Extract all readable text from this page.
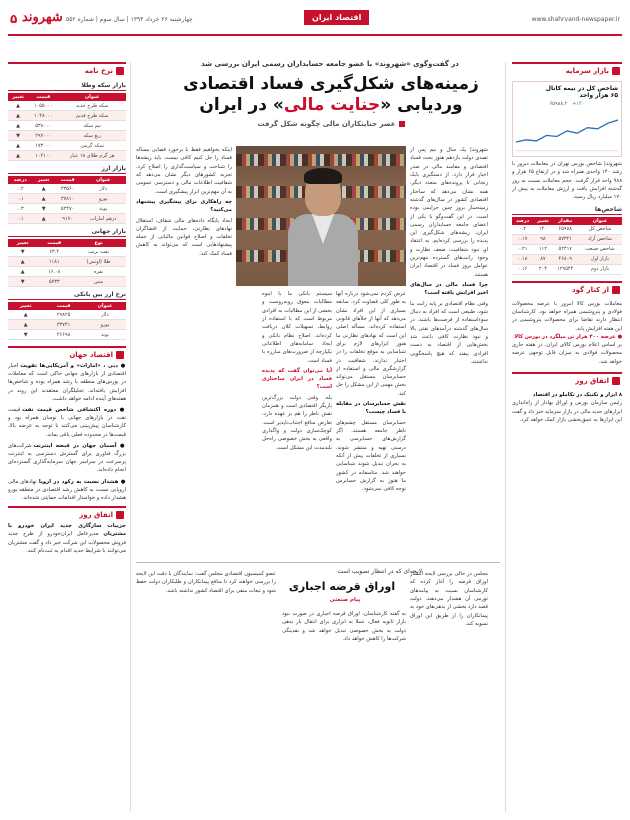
۵ شهروند چهارشنبه ۲۶ خرداد ۱۳۹۴ | سال سوم | شماره ۵۵۲	اقتصاد ایران	www.shahrvand-newspaper.ir
نرخ نامه
بازار سکه وطلا
عنوان	قیمت	تغییر
سکه طرح جدید	۱۰۵۵۰۰۰	▲
سکه طرح قدیم	۱۰۴۸۰۰۰	▲
نیم سکه	۵۳۸۰۰۰	▲
ربع سکه	۲۹۷۰۰۰	▼
سکه گرمی	۱۷۳۰۰۰	▲
هر گرم طلای ۱۸ عیار	۱۰۲۱۰۰	▲
بازار ارز
عنوان	قیمت	تغییر	درصد
دلار	۳۳۵۶۰	▲	۰.۲
یورو	۳۷۸۱۰	▲	۰.۱
پوند	۵۲۴۷۰	▼	۰.۳
درهم امارات	۹۱۷۰	▲	۰.۱
بازار جهانی
نوع	قیمت	تغییر
نفت برنت	۶۳.۴	▼
طلا (اونس)	۱۱۸۱	▲
نقره	۱۶.۰۸	▲
مس	۵۷۳۳	▼
نرخ ارز بین بانکی
عنوان	قیمت	تغییر
دلار	۲۹۸۲۵	▲
یورو	۳۳۷۴۱	▲
پوند	۴۶۶۹۸	▼
اقتصاد جهان

● دبی ، «امارات» و آمریکایی‌ها تقویت اخبار اقتصادی از بازارهای جهانی حاکی است که معاملات در بورس‌های منطقه با رشد همراه بوده و شاخص‌ها افزایش یافته‌اند. تحلیلگران معتقدند این روند در هفته‌های آینده ادامه خواهد داشت.

● دوره اکتشافی شاخص قیمت نفت قیمت نفت در بازارهای جهانی با نوسان همراه بود و کارشناسان پیش‌بینی می‌کنند با توجه به عرضه بالا، قیمت‌ها در محدوده فعلی باقی بماند.

● آسمان جهان در قبضه اینترنت شرکت‌های بزرگ فناوری برای گسترش دسترسی به اینترنت پرسرعت در سراسر جهان سرمایه‌گذاری گسترده‌ای انجام داده‌اند.

● هشدار نسبت به رکود در اروپا نهادهای مالی اروپایی نسبت به کاهش رشد اقتصادی در منطقه یورو هشدار داده و خواستار اقدامات حمایتی شده‌اند.

اتفاق روز

جزییات سازگاری جدید ایران خودرو با مشتریان مدیرعامل ایران‌خودرو از طرح جدید فروش محصولات این شرکت خبر داد و گفت مشتریان می‌توانند با شرایط جدید اقدام به ثبت‌نام کنند.

در گفت‌وگوی «شهروند» با عضو جامعه حسابداران رسمی ایران بررسی شد
زمینه‌های شکل‌گیری فساد اقتصادی
وردیابی «جنایت مالی» در ایران
عصر جنایتکاران مالی چگونه شکل گرفت
شهروند| یک سال و نیم پس از تصدی دولت یازدهم هنوز بحث فساد اقتصادی و مفاسد مالی در صدر اخبار قرار دارد. از دستگیری بابک زنجانی تا پرونده‌های متعدد دیگر، همه نشان می‌دهد که ساختار اقتصادی کشور در سال‌های گذشته زمینه‌ساز بروز چنین جرایمی بوده است. در این گفت‌وگو با یکی از اعضای جامعه حسابداران رسمی ایران، ریشه‌های شکل‌گیری این پدیده را بررسی کرده‌ایم. به اعتقاد او، نبود شفافیت، ضعف نظارت و وجود رانت‌های گسترده مهم‌ترین عوامل بروز فساد در اقتصاد ایران هستند.
چرا فساد مالی در سال‌های اخیر افزایش یافته است؟
وقتی نظام اقتصادی بر پایه رانت بنا شود، طبیعی است که افراد به دنبال سوءاستفاده از فرصت‌ها باشند. در سال‌های گذشته درآمدهای نفتی بالا و نبود نظارت کافی باعث شد بخش‌هایی از اقتصاد به دست افرادی بیفتد که هیچ پاسخگویی نداشتند.
عرض کردم نمی‌شود درباره آنها به طور کلی قضاوت کرد. سابقه بسیاری از این افراد نشان می‌دهد که آنها از خلأهای قانونی استفاده کرده‌اند. مسأله اصلی این است که نهادهای نظارتی ما هنوز ابزارهای لازم برای شناسایی به موقع تخلفات را در اختیار ندارند. شفافیت در گزارشگری مالی و استفاده از حسابرسان مستقل می‌تواند بخش مهمی از این مشکل را حل کند.
نقش حسابرسان در مقابله با فساد چیست؟
حسابرسان مستقل چشم‌های ناظر جامعه هستند. اگر گزارش‌های حسابرسی به درستی تهیه و منتشر شوند، بسیاری از تخلفات پیش از آنکه به بحران تبدیل شوند شناسایی خواهند شد. متاسفانه در کشور ما هنوز به گزارش حسابرس توجه کافی نمی‌شود.
سیستم بانکی ما با انبوه مطالبات معوق روبه‌روست و بخشی از این مطالبات به افرادی مربوط است که با استفاده از روابط، تسهیلات کلان دریافت کرده‌اند. اصلاح نظام بانکی و ایجاد سامانه‌های اطلاعاتی یکپارچه از ضرورت‌های مبارزه با فساد است.
آیا می‌توان گفت که پدیده فساد در ایران ساختاری است؟
بله، وقتی دولت بزرگ‌ترین بازیگر اقتصادی است و همزمان نقش ناظر را هم بر عهده دارد، تعارض منافع اجتناب‌ناپذیر است. کوچک‌سازی دولت و واگذاری واقعی به بخش خصوصی راه‌حل بلندمدت این مشکل است.
اینکه بخواهیم فقط با برخورد قضایی مسأله فساد را حل کنیم کافی نیست. باید ریشه‌ها را شناخت و سیاست‌گذاری را اصلاح کرد. تجربه کشورهای دیگر نشان می‌دهد که شفافیت اطلاعات مالی و دسترسی عمومی به آن مهم‌ترین ابزار پیشگیری است.
چه راهکاری برای پیشگیری پیشنهاد می‌کنید؟
ایجاد پایگاه داده‌های مالی شفاف، استقلال نهادهای نظارتی، حمایت از افشاگران تخلفات و اصلاح قوانین مالیاتی از جمله پیشنهادهایی است که می‌تواند به کاهش فساد کمک کند.
لایحه‌ای که در انتظار تصویب است
اوراق قرضه اجباری
پیام صنعتی
مجلس در حالی بررسی لایحه انتشار اوراق قرضه را آغاز کرده که کارشناسان نسبت به پیامدهای تورمی آن هشدار می‌دهند. دولت قصد دارد بخشی از بدهی‌های خود به پیمانکاران را از طریق این اوراق تسویه کند.
به گفته کارشناسان، اوراق قرضه اجباری در صورت نبود بازار ثانویه فعال، عملا به ابزاری برای انتقال بار بدهی دولت به بخش خصوصی تبدیل خواهد شد و نقدینگی شرکت‌ها را کاهش خواهد داد.
عضو کمیسیون اقتصادی مجلس گفت: نمایندگان با دقت این لایحه را بررسی خواهند کرد تا منافع پیمانکاران و طلبکاران دولت حفظ شود و تبعات منفی برای اقتصاد کشور نداشته باشد.
بازار سرمایه
شاخص کل در نیمه کانال
۶۵ هزار واحد
۶۵۹۸۸.۲ +۱۴۰
شهروند| شاخص بورس تهران در معاملات دیروز با رشد ۱۴۰ واحدی همراه شد و در ارتفاع ۶۵ هزار و ۹۸۸ واحد قرار گرفت. حجم معاملات نسبت به روز گذشته افزایش یافت و ارزش معاملات به بیش از ۱۷۰ میلیارد ریال رسید.
شاخص‌ها
عنوان	مقدار	تغییر	درصد
شاخص کل	۶۵۹۸۸	۱۴۰	۰.۲
شاخص آزاد	۵۷۳۲۱	۹۸	۰.۱۷
شاخص صنعت	۵۲۴۱۷	۱۱۲	۰.۲۱
بازار اول	۴۶۸۰۹	۸۷	۰.۱۸
بازار دوم	۱۲۹۵۴۴	۲۰۳	۰.۱۶
از کنار گود
معاملات بورس کالا امروز با عرضه محصولات فولادی و پتروشیمی همراه خواهد بود. کارشناسان انتظار دارند تقاضا برای محصولات پتروشیمی در این هفته افزایش یابد.
● عرضه ۴۰۰ هزار تن میلگرد در بورس کالا
بر اساس اعلام بورس کالای ایران، در هفته جاری محصولات فولادی به میزان قابل توجهی عرضه خواهد شد.
اتفاق روز
۸ ابزار و تکنیک در تکاملو در اقتصاد
رئیس سازمان بورس و اوراق بهادار از راه‌اندازی ابزارهای جدید مالی در بازار سرمایه خبر داد و گفت این ابزارها به عمق‌بخشی بازار کمک خواهد کرد.
